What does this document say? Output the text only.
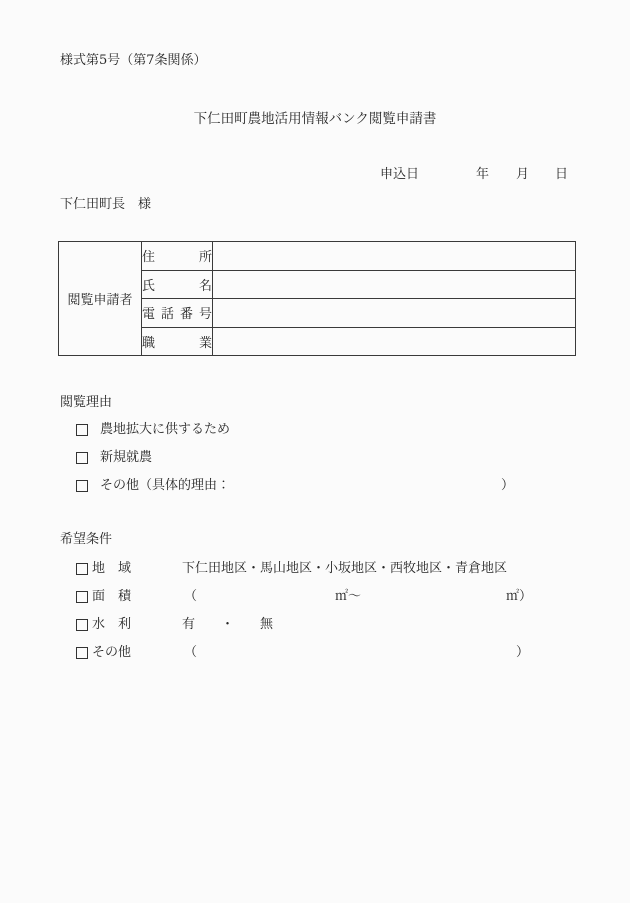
様式第5号（第7条関係）
下仁田町農地活用情報バンク閲覧申請書
申込日	年 月 日
下仁田町長　様
閲覧申請者	住　所	
	氏　名	
	電話番号	
	職　業	
閲覧理由
農地拡大に供するため
新規就農
その他（具体的理由：	）
希望条件
地　域	下仁田地区・馬山地区・小坂地区・西牧地区・青倉地区
面　積	（	㎡～	㎡）
水　利	有　　・　　無
その他	（	）
